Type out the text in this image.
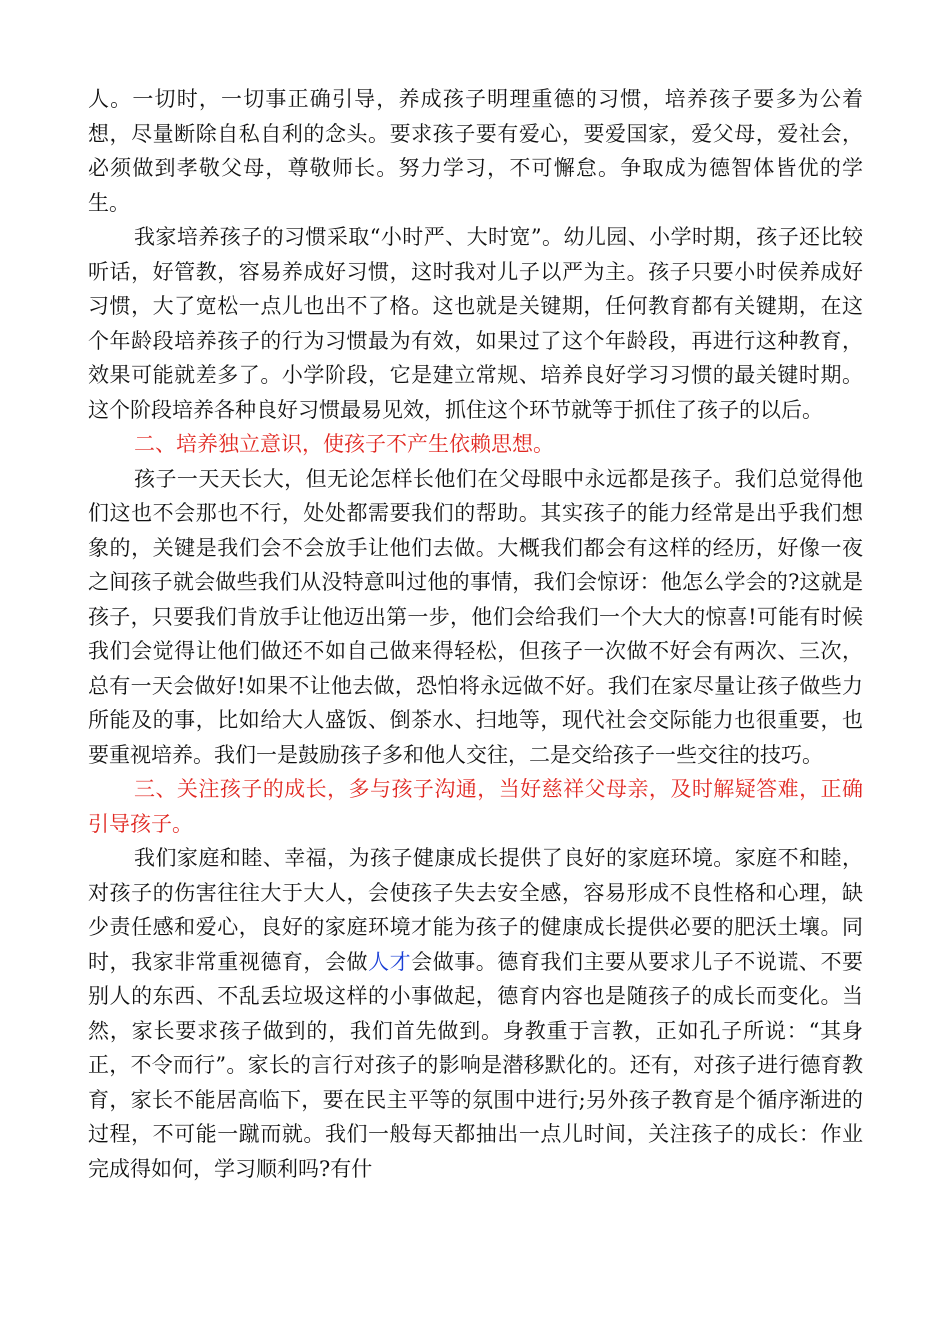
人。一切时，一切事正确引导，养成孩子明理重德的习惯，培养孩子要多为公着想，尽量断除自私自利的念头。要求孩子要有爱心，要爱国家，爱父母，爱社会，必须做到孝敬父母，尊敬师长。努力学习，不可懈怠。争取成为德智体皆优的学生。

我家培养孩子的习惯采取“小时严、大时宽”。幼儿园、小学时期，孩子还比较听话，好管教，容易养成好习惯，这时我对儿子以严为主。孩子只要小时侯养成好习惯，大了宽松一点儿也出不了格。这也就是关键期，任何教育都有关键期，在这个年龄段培养孩子的行为习惯最为有效，如果过了这个年龄段，再进行这种教育，效果可能就差多了。小学阶段，它是建立常规、培养良好学习习惯的最关键时期。这个阶段培养各种良好习惯最易见效，抓住这个环节就等于抓住了孩子的以后。

二、培养独立意识，使孩子不产生依赖思想。

孩子一天天长大，但无论怎样长他们在父母眼中永远都是孩子。我们总觉得他们这也不会那也不行，处处都需要我们的帮助。其实孩子的能力经常是出乎我们想象的，关键是我们会不会放手让他们去做。大概我们都会有这样的经历，好像一夜之间孩子就会做些我们从没特意叫过他的事情，我们会惊讶：他怎么学会的?这就是孩子，只要我们肯放手让他迈出第一步，他们会给我们一个大大的惊喜!可能有时候我们会觉得让他们做还不如自己做来得轻松，但孩子一次做不好会有两次、三次，总有一天会做好!如果不让他去做，恐怕将永远做不好。我们在家尽量让孩子做些力所能及的事，比如给大人盛饭、倒茶水、扫地等，现代社会交际能力也很重要，也要重视培养。我们一是鼓励孩子多和他人交往，二是交给孩子一些交往的技巧。

三、关注孩子的成长，多与孩子沟通，当好慈祥父母亲，及时解疑答难，正确引导孩子。

我们家庭和睦、幸福，为孩子健康成长提供了良好的家庭环境。家庭不和睦，对孩子的伤害往往大于大人，会使孩子失去安全感，容易形成不良性格和心理，缺少责任感和爱心，良好的家庭环境才能为孩子的健康成长提供必要的肥沃土壤。同时，我家非常重视德育，会做人才会做事。德育我们主要从要求儿子不说谎、不要别人的东西、不乱丢垃圾这样的小事做起，德育内容也是随孩子的成长而变化。当然，家长要求孩子做到的，我们首先做到。身教重于言教，正如孔子所说：“其身正，不令而行”。家长的言行对孩子的影响是潜移默化的。还有，对孩子进行德育教育，家长不能居高临下，要在民主平等的氛围中进行;另外孩子教育是个循序渐进的过程，不可能一蹴而就。我们一般每天都抽出一点儿时间，关注孩子的成长：作业完成得如何，学习顺利吗?有什
